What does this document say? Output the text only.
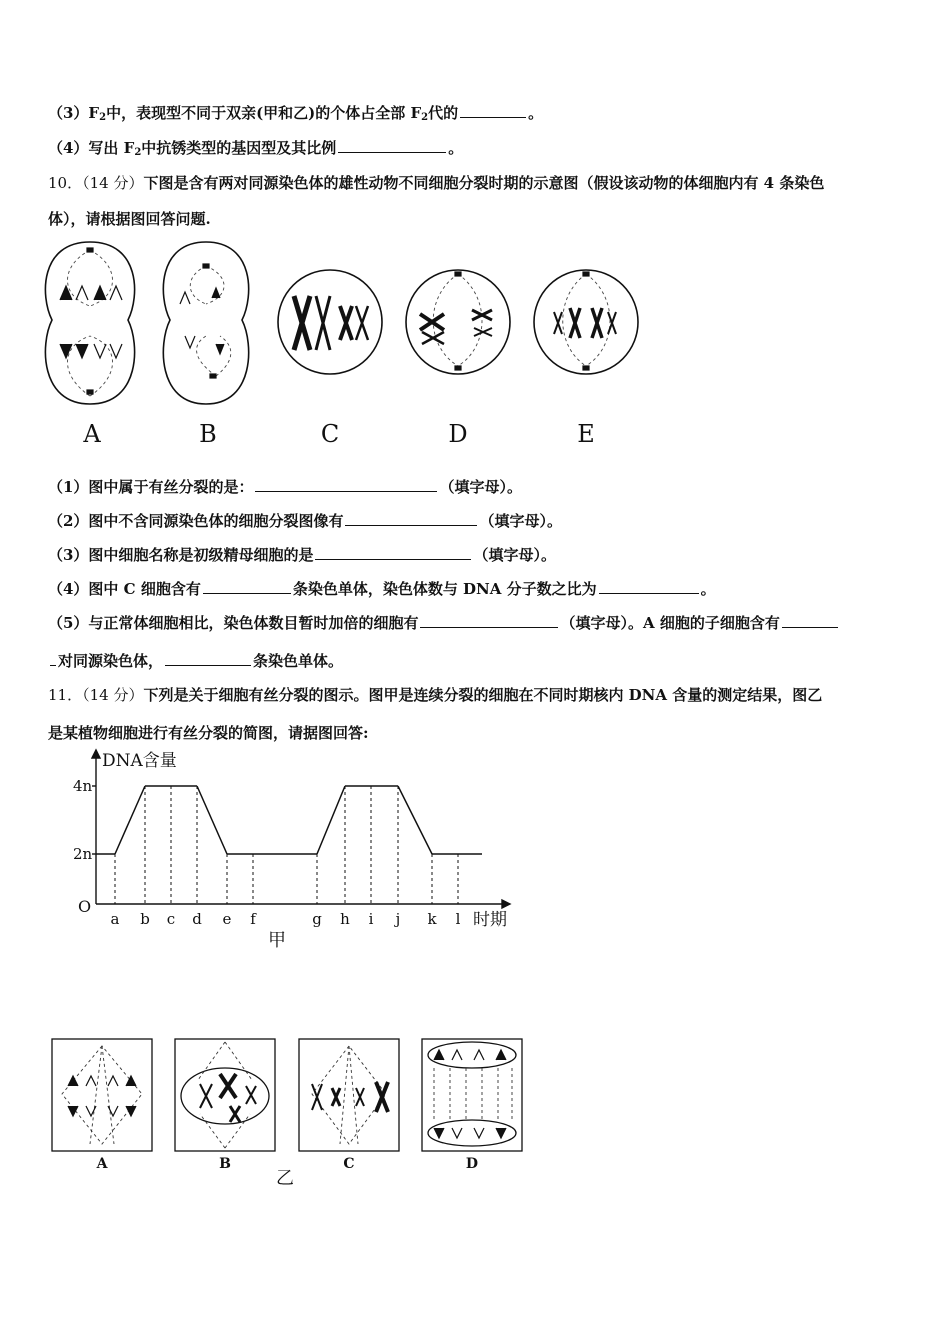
$(3)F_2$中，表现型不同于双亲(甲和乙)的个体占全部 $F_2$代的	。
（4）写出 $F_2$中抗锈类型的基因型及其比例	。
10．（14 分）下图是含有两对同源染色体的雄性动物不同细胞分裂时期的示意图（假设该动物的体细胞内有 4 条染色
体），请根据图回答问题.
A	B	C	D	E
（1）图中属于有丝分裂的是：	（填字母）。
（2）图中不含同源染色体的细胞分裂图像有	（填字母）。
（3）图中细胞名称是初级精母细胞的是	（填字母）。
（4）图中 C 细胞含有	条染色单体，染色体数与 DNA 分子数之比为	。
（5）与正常体细胞相比，染色体数目暂时加倍的细胞有	（填字母）。A 细胞的子细胞含有
对同源染色体，	条染色单体。
11．（14 分）下列是关于细胞有丝分裂的图示。图甲是连续分裂的细胞在不同时期核内 DNA 含量的测定结果，图乙
是某植物细胞进行有丝分裂的简图，请据图回答:
2n
4n
a b c d e f	g h i j k l
DNA含量
时期
O
甲
A	B	C	D
乙
